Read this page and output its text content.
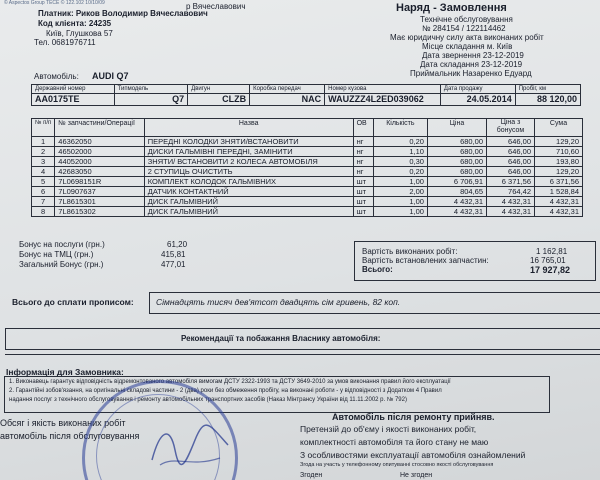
© Aspectos Group ТЕСЕ © 122.102 10/10/09	р Вячеславович
Платник: Риков Володимир Вячеславович
Код клієнта: 24235
Київ, Глушкова 57
Тел. 0681976711
Наряд - Замовлення
Технічне обслуговування
№ 284154 / 122114462
Має юридичну силу акта виконаних робіт
Місце складання м. Київ
Дата звернення 23-12-2019
Дата складання 23-12-2019
Приймальник Назаренко Едуард
Автомобіль: AUDI Q7
Державний номер	Типмодель	Двигун	Коробка передач	Номер кузова	Дата продажу	Пробіг, км
AA0175TE	Q7	CLZB	NAC	WAUZZZ4L2ED039062	24.05.2014	88 120,00
№ п/п	№ запчастини/Операції	Назва	ОВ	Кількість	Ціна	Ціна з бонусом	Сума
1	46362050	ПЕРЕДНІ КОЛОДКИ ЗНЯТИ/ВСТАНОВИТИ	нг	0,20	680,00	646,00	129,20
2	46502000	ДИСКИ ГАЛЬМІВНІ ПЕРЕДНІ, ЗАМІНИТИ	нг	1,10	680,00	646,00	710,60
3	44052000	ЗНЯТИ/ ВСТАНОВИТИ 2 КОЛЕСА АВТОМОБІЛЯ	нг	0,30	680,00	646,00	193,80
4	42683050	2 СТУПИЦЬ ОЧИСТИТЬ	нг	0,20	680,00	646,00	129,20
5	7L0698151R	КОМПЛЕКТ КОЛОДОК ГАЛЬМІВНИХ	шт	1,00	6 706,91	6 371,56	6 371,56
6	7L0907637	ДАТЧИК КОНТАКТНИЙ	шт	2,00	804,65	764,42	1 528,84
7	7L8615301	ДИСК ГАЛЬМІВНИЙ	шт	1,00	4 432,31	4 432,31	4 432,31
8	7L8615302	ДИСК ГАЛЬМІВНИЙ	шт	1,00	4 432,31	4 432,31	4 432,31
Бонус на послуги (грн.)	61,20
Бонус на ТМЦ (грн.)	415,81
Загальний Бонус (грн.)	477,01
Вартість виконаних робіт:	1 162,81
Вартість встановлених запчастин:	16 765,01
Всього:	17 927,82
Всього до сплати прописом:	Сімнадцять тисяч дев'ятсот двадцять сім гривень, 82 коп.
Рекомендації та побажання Власнику автомобіля:
Інформація для Замовника:
1. Виконавець гарантує відповідність відремонтованого автомобіля вимогам ДСТУ 2322-1993 та ДСТУ 3649-2010 за умов виконання правил його експлуатації
2. Гарантійні зобов'язання, на оригінальні складові частини - 2 (два) роки без обмеження пробігу, на виконані роботи - у відповідності з Додатком 4 Правил
надання послуг з технічного обслуговування і ремонту автомобільних транспортних засобів (Наказ Мінтрансу України від 11.11.2002 р. № 792)
Автомобіль після ремонту прийняв.
Претензій до об'єму і якості виконаних робіт,
комплектності автомобіля та його стану не маю
З особливостями експлуатації автомобіля ознайомлений
Згода на участь у телефонному опитуванні стосовно якості обслуговування
Згоден	Не згоден
Обсяг і якість виконаних робіт
автомобіль після обслуговування
